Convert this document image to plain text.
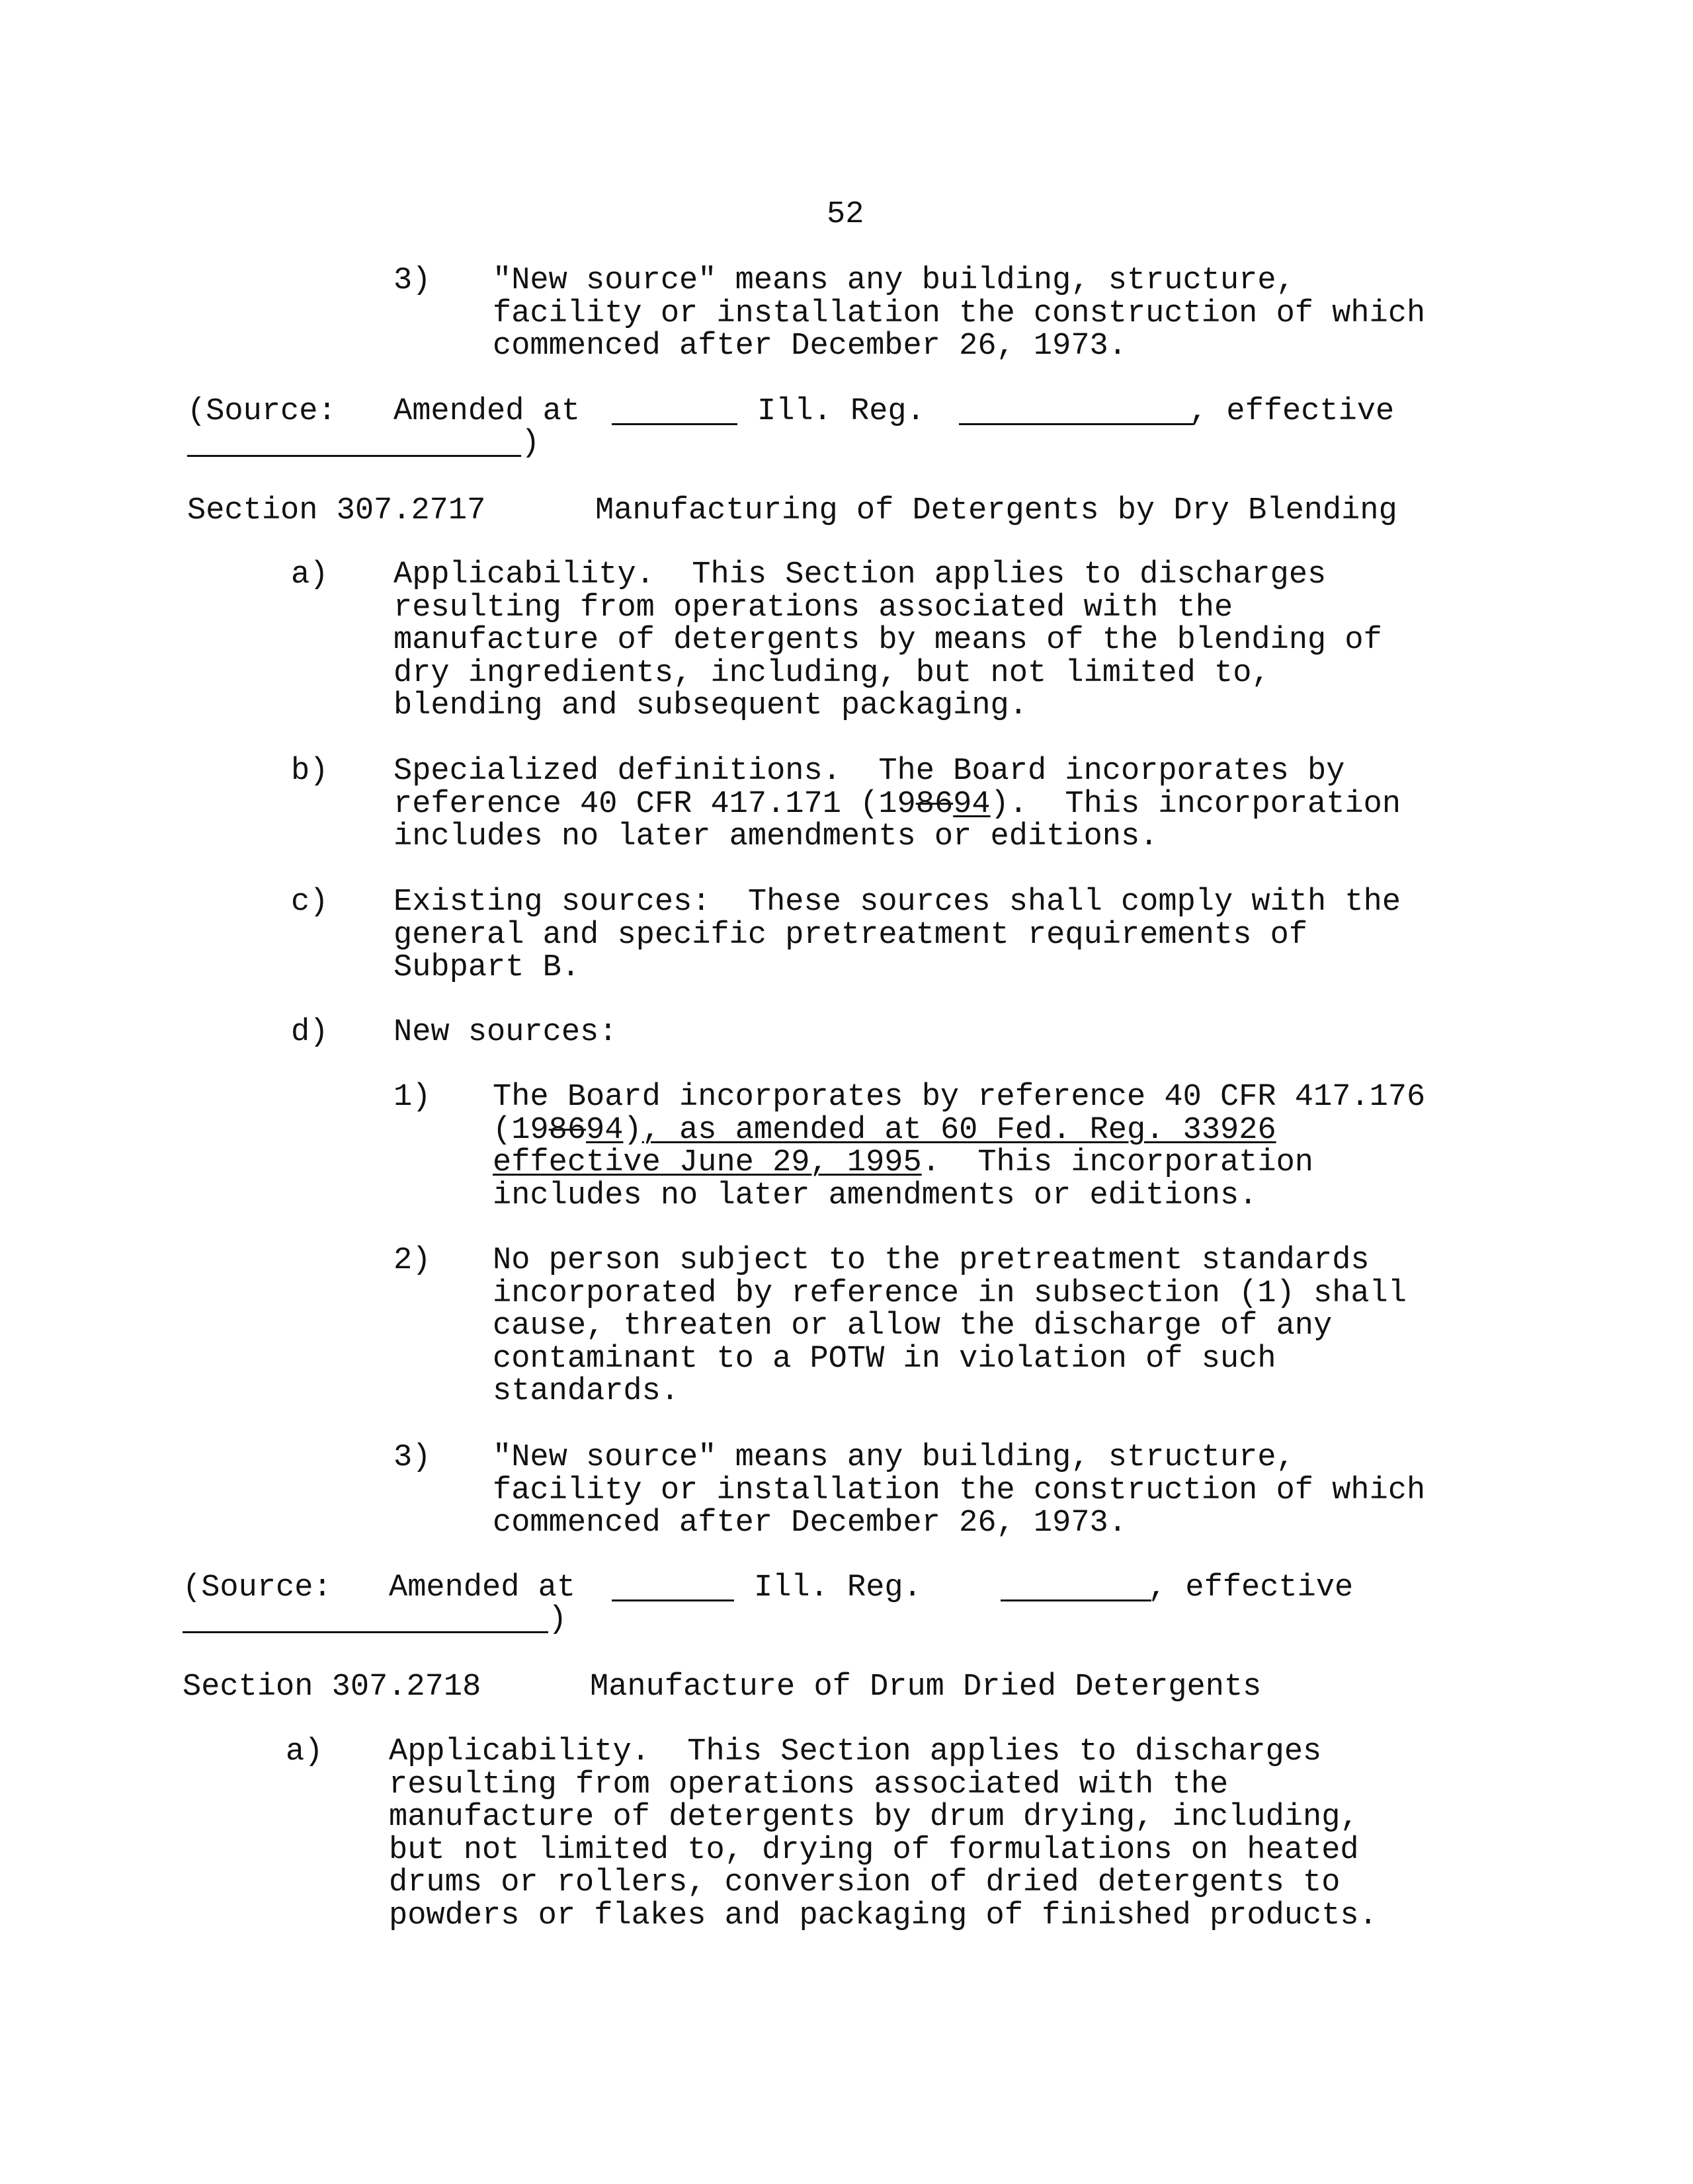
52
3) "New source" means any building, structure,
facility or installation the construction of which
commenced after December 26, 1973.
(Source: Amended at	Ill. Reg.	, effective
)
Section 307.2717	Manufacturing of Detergents by Dry Blending
a) Applicability.  This Section applies to discharges
resulting from operations associated with the
manufacture of detergents by means of the blending of
dry ingredients, including, but not limited to,
blending and subsequent packaging.
b) Specialized definitions.  The Board incorporates by
reference 40 CFR 417.171 (198694).  This incorporation
includes no later amendments or editions.
c) Existing sources:  These sources shall comply with the
general and specific pretreatment requirements of
Subpart B.
d) New sources:
1) The Board incorporates by reference 40 CFR 417.176
(198694), as amended at 60 Fed. Reg. 33926
effective June 29, 1995.  This incorporation
includes no later amendments or editions.
2) No person subject to the pretreatment standards
incorporated by reference in subsection (1) shall
cause, threaten or allow the discharge of any
contaminant to a POTW in violation of such
standards.
3) "New source" means any building, structure,
facility or installation the construction of which
commenced after December 26, 1973.
(Source: Amended at	Ill. Reg.	, effective
)
Section 307.2718	Manufacture of Drum Dried Detergents
a) Applicability.  This Section applies to discharges
resulting from operations associated with the
manufacture of detergents by drum drying, including,
but not limited to, drying of formulations on heated
drums or rollers, conversion of dried detergents to
powders or flakes and packaging of finished products.
